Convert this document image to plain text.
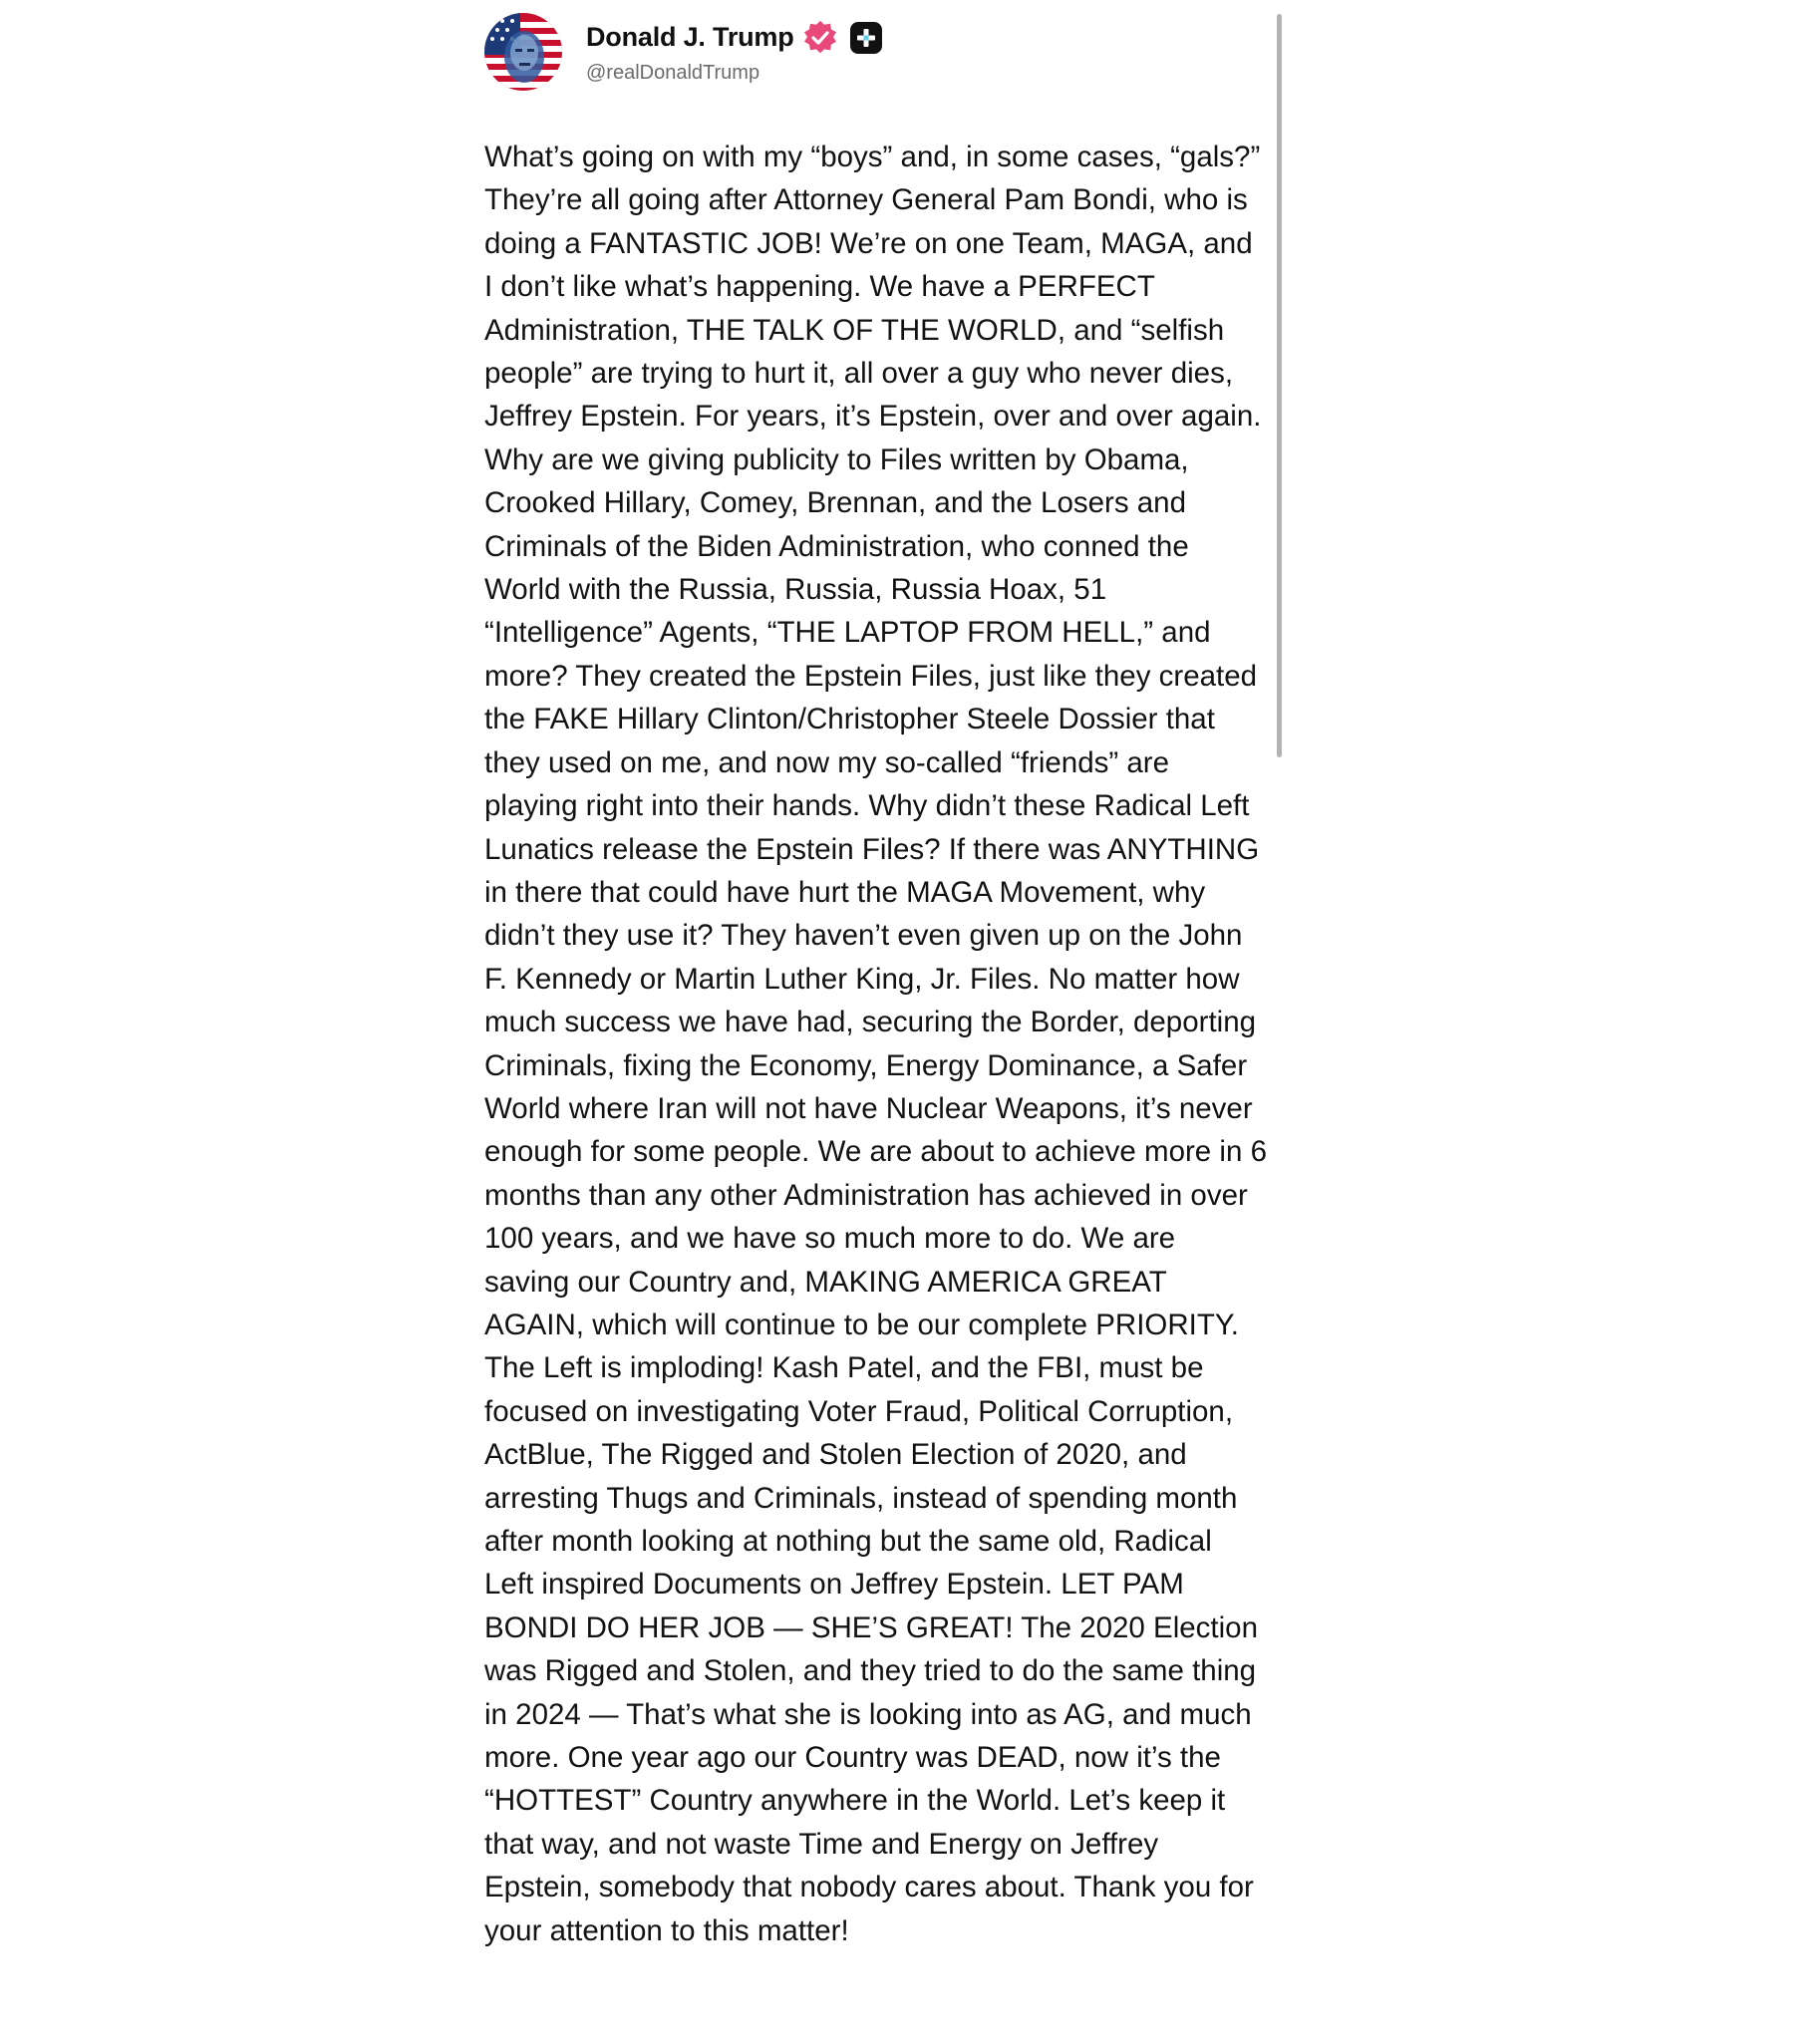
Donald J. Trump
@realDonaldTrump
What’s going on with my “boys” and, in some cases, “gals?” They’re all going after Attorney General Pam Bondi, who is doing a FANTASTIC JOB! We’re on one Team, MAGA, and I don’t like what’s happening. We have a PERFECT Administration, THE TALK OF THE WORLD, and “selfish people” are trying to hurt it, all over a guy who never dies, Jeffrey Epstein. For years, it’s Epstein, over and over again. Why are we giving publicity to Files written by Obama, Crooked Hillary, Comey, Brennan, and the Losers and Criminals of the Biden Administration, who conned the World with the Russia, Russia, Russia Hoax, 51 “Intelligence” Agents, “THE LAPTOP FROM HELL,” and more? They created the Epstein Files, just like they created the FAKE Hillary Clinton/Christopher Steele Dossier that they used on me, and now my so-called “friends” are playing right into their hands. Why didn’t these Radical Left Lunatics release the Epstein Files? If there was ANYTHING in there that could have hurt the MAGA Movement, why didn’t they use it? They haven’t even given up on the John F. Kennedy or Martin Luther King, Jr. Files. No matter how much success we have had, securing the Border, deporting Criminals, fixing the Economy, Energy Dominance, a Safer World where Iran will not have Nuclear Weapons, it’s never enough for some people. We are about to achieve more in 6 months than any other Administration has achieved in over 100 years, and we have so much more to do. We are saving our Country and, MAKING AMERICA GREAT AGAIN, which will continue to be our complete PRIORITY. The Left is imploding! Kash Patel, and the FBI, must be focused on investigating Voter Fraud, Political Corruption, ActBlue, The Rigged and Stolen Election of 2020, and arresting Thugs and Criminals, instead of spending month after month looking at nothing but the same old, Radical Left inspired Documents on Jeffrey Epstein. LET PAM BONDI DO HER JOB — SHE’S GREAT! The 2020 Election was Rigged and Stolen, and they tried to do the same thing in 2024 — That’s what she is looking into as AG, and much more. One year ago our Country was DEAD, now it’s the “HOTTEST” Country anywhere in the World. Let’s keep it that way, and not waste Time and Energy on Jeffrey Epstein, somebody that nobody cares about. Thank you for your attention to this matter!
